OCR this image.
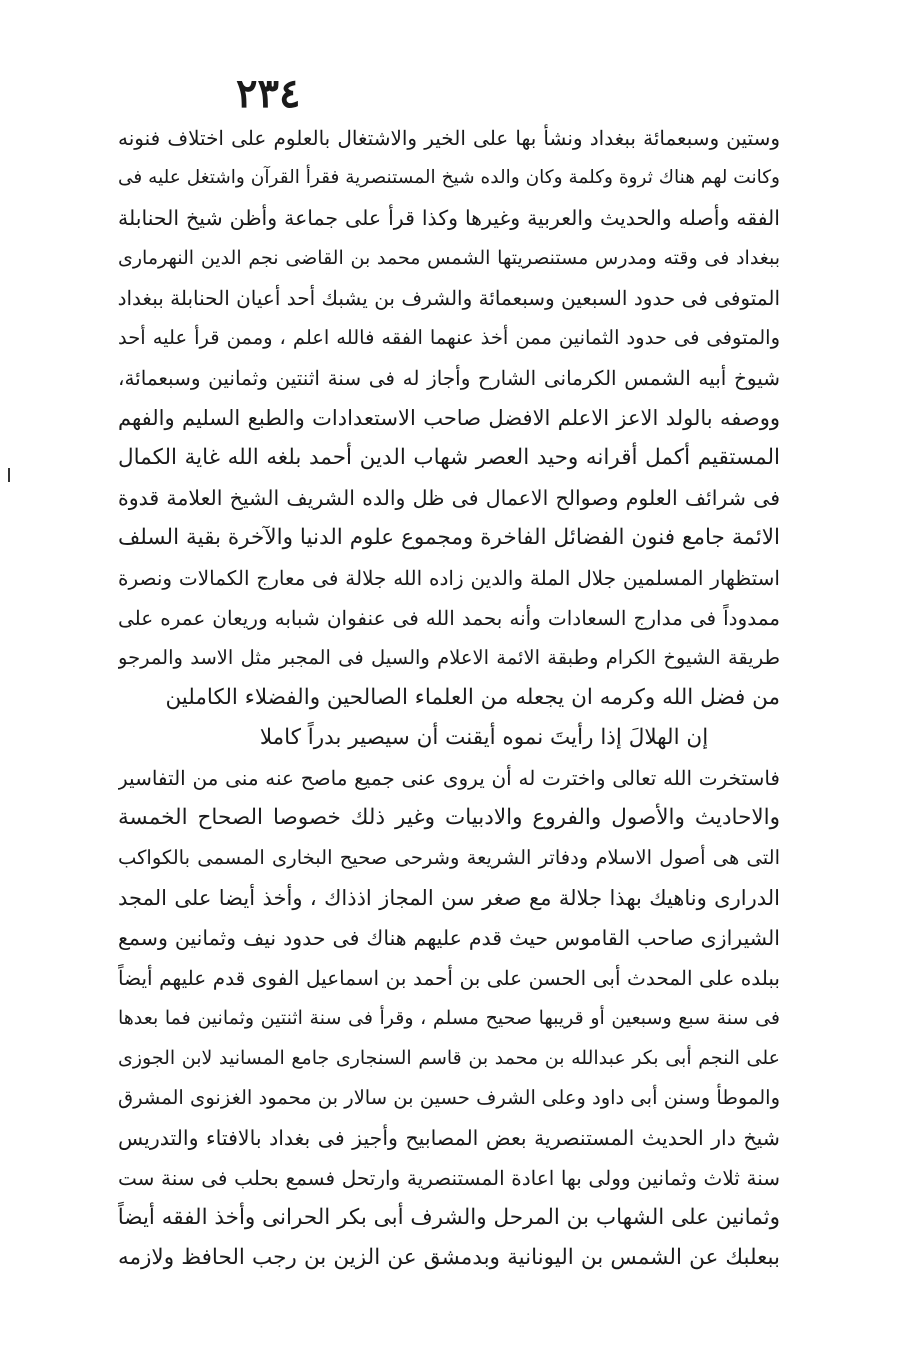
٢٣٤
وستين وسبعمائة ببغداد ونشأ بها على الخير والاشتغال بالعلوم على اختلاف فنونه
وكانت لهم هناك ثروة وكلمة وكان والده شيخ المستنصرية فقرأ القرآن واشتغل عليه فى
الفقه وأصله والحديث والعربية وغيرها وكذا قرأ على جماعة وأظن شيخ الحنابلة
ببغداد فى وقته ومدرس مستنصريتها الشمس محمد بن القاضى نجم الدين النهرمارى
المتوفى فى حدود السبعين وسبعمائة والشرف بن يشبك أحد أعيان الحنابلة ببغداد
والمتوفى فى حدود الثمانين ممن أخذ عنهما الفقه فالله اعلم ، وممن قرأ عليه أحد
شيوخ أبيه الشمس الكرمانى الشارح وأجاز له فى سنة اثنتين وثمانين وسبعمائة،
ووصفه بالولد الاعز الاعلم الافضل صاحب الاستعدادات والطبع السليم والفهم
المستقيم أكمل أقرانه وحيد العصر شهاب الدين أحمد بلغه الله غاية الكمال
فى شرائف العلوم وصوالح الاعمال فى ظل والده الشريف الشيخ العلامة قدوة
الائمة جامع فنون الفضائل الفاخرة ومجموع علوم الدنيا والآخرة بقية السلف
استظهار المسلمين جلال الملة والدين زاده الله جلالة فى معارج الكمالات ونصرة
ممدوداً فى مدارج السعادات وأنه بحمد الله فى عنفوان شبابه وريعان عمره على
طريقة الشيوخ الكرام وطبقة الائمة الاعلام والسيل فى المجبر مثل الاسد والمرجو
من فضل الله وكرمه ان يجعله من العلماء الصالحين والفضلاء الكاملين
إن الهلالَ إذا رأيتَ نموه أيقنت أن سيصير بدراً كاملا
فاستخرت الله تعالى واخترت له أن يروى عنى جميع ماصح عنه منى من التفاسير
والاحاديث والأصول والفروع والادبيات وغير ذلك خصوصا الصحاح الخمسة
التى هى أصول الاسلام ودفاتر الشريعة وشرحى صحيح البخارى المسمى بالكواكب
الدرارى وناهيك بهذا جلالة مع صغر سن المجاز اذذاك ، وأخذ أيضا على المجد
الشيرازى صاحب القاموس حيث قدم عليهم هناك فى حدود نيف وثمانين وسمع
ببلده على المحدث أبى الحسن على بن أحمد بن اسماعيل الفوى قدم عليهم أيضاً
فى سنة سبع وسبعين أو قريبها صحيح مسلم ، وقرأ فى سنة اثنتين وثمانين فما بعدها
على النجم أبى بكر عبدالله بن محمد بن قاسم السنجارى جامع المسانيد لابن الجوزى
والموطأ وسنن أبى داود وعلى الشرف حسين بن سالار بن محمود الغزنوى المشرق
شيخ دار الحديث المستنصرية بعض المصابيح وأجيز فى بغداد بالافتاء والتدريس
سنة ثلاث وثمانين وولى بها اعادة المستنصرية وارتحل فسمع بحلب فى سنة ست
وثمانين على الشهاب بن المرحل والشرف أبى بكر الحرانى وأخذ الفقه أيضاً
ببعلبك عن الشمس بن اليونانية وبدمشق عن الزين بن رجب الحافظ ولازمه
